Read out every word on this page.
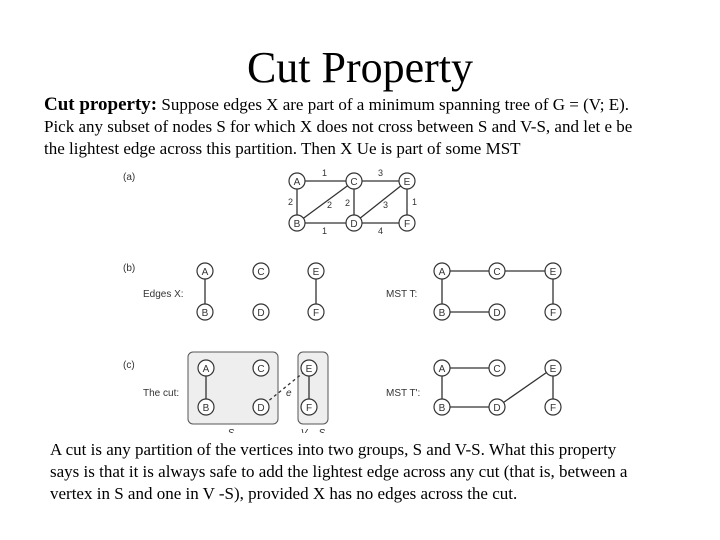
Cut Property
Cut property: Suppose edges X are part of a minimum spanning tree of G = (V; E).
Pick any subset of nodes S for which X does not cross between S and V-S, and let e be
the lightest edge across this partition. Then X Ue is part of some MST
(a)
(b)
(c)
1	3
2	2 2	3	1
1	4
A	C	E
B	D	F
Edges X:
A	C	E
B	D	F
MST T:
A	C	E
B	D	F
The cut:	e
A	C	E
B	D	F
MST T':
A	C	E
B	D	F
A cut is any partition of the vertices into two groups, S and V-S. What this property
says is that it is always safe to add the lightest edge across any cut (that is, between a
vertex in S and one in V -S), provided X has no edges across the cut.
